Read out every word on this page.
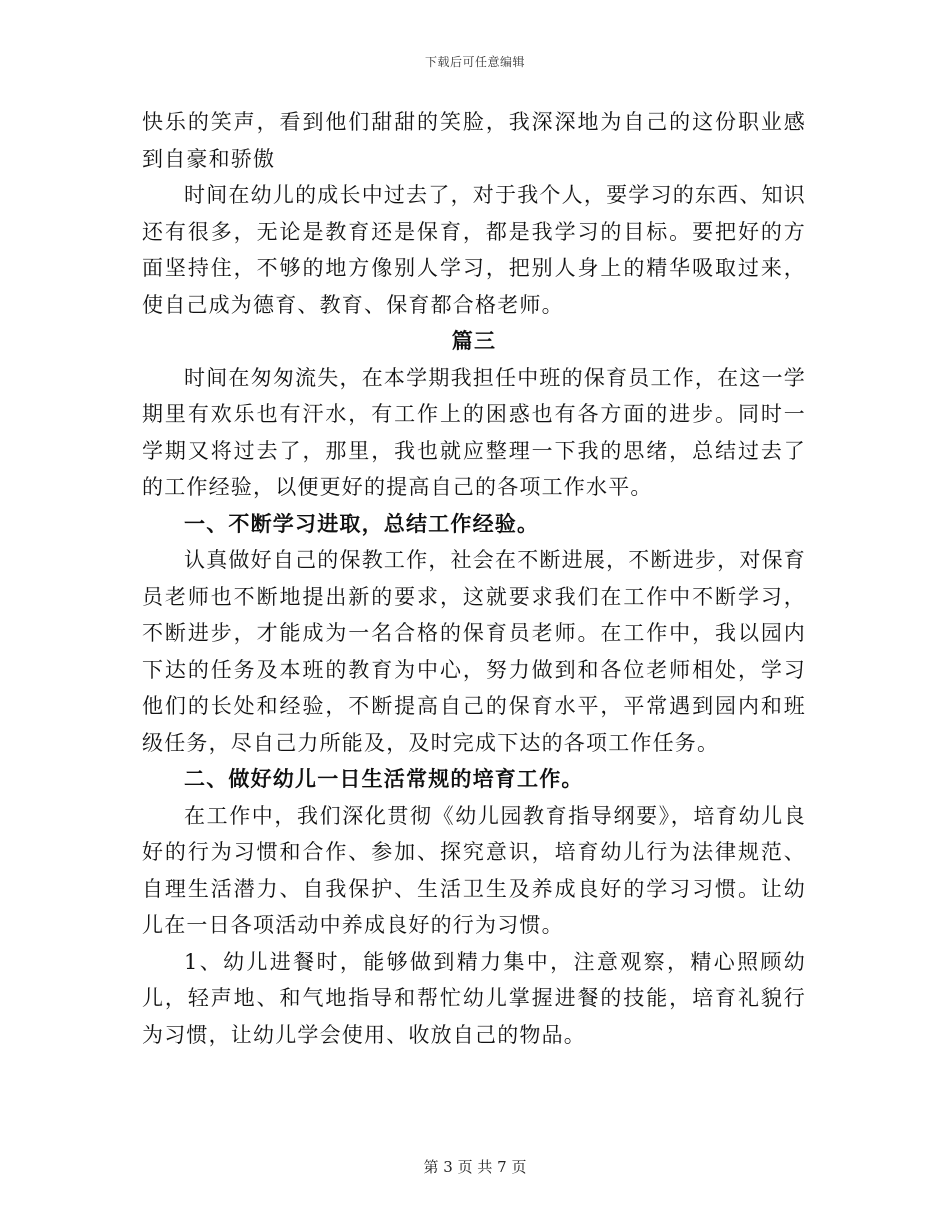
下载后可任意编辑

快乐的笑声，看到他们甜甜的笑脸，我深深地为自己的这份职业感到自豪和骄傲

时间在幼儿的成长中过去了，对于我个人，要学习的东西、知识还有很多，无论是教育还是保育，都是我学习的目标。要把好的方面坚持住，不够的地方像别人学习，把别人身上的精华吸取过来，使自己成为德育、教育、保育都合格老师。

篇三

时间在匆匆流失，在本学期我担任中班的保育员工作，在这一学期里有欢乐也有汗水，有工作上的困惑也有各方面的进步。同时一学期又将过去了，那里，我也就应整理一下我的思绪，总结过去了的工作经验，以便更好的提高自己的各项工作水平。

一、不断学习进取，总结工作经验。

认真做好自己的保教工作，社会在不断进展，不断进步，对保育员老师也不断地提出新的要求，这就要求我们在工作中不断学习，不断进步，才能成为一名合格的保育员老师。在工作中，我以园内下达的任务及本班的教育为中心，努力做到和各位老师相处，学习他们的长处和经验，不断提高自己的保育水平，平常遇到园内和班级任务，尽自己力所能及，及时完成下达的各项工作任务。

二、做好幼儿一日生活常规的培育工作。

在工作中，我们深化贯彻《幼儿园教育指导纲要》，培育幼儿良好的行为习惯和合作、参加、探究意识，培育幼儿行为法律规范、自理生活潜力、自我保护、生活卫生及养成良好的学习习惯。让幼儿在一日各项活动中养成良好的行为习惯。

1、幼儿进餐时，能够做到精力集中，注意观察，精心照顾幼儿，轻声地、和气地指导和帮忙幼儿掌握进餐的技能，培育礼貌行为习惯，让幼儿学会使用、收放自己的物品。

第 3 页 共 7 页
